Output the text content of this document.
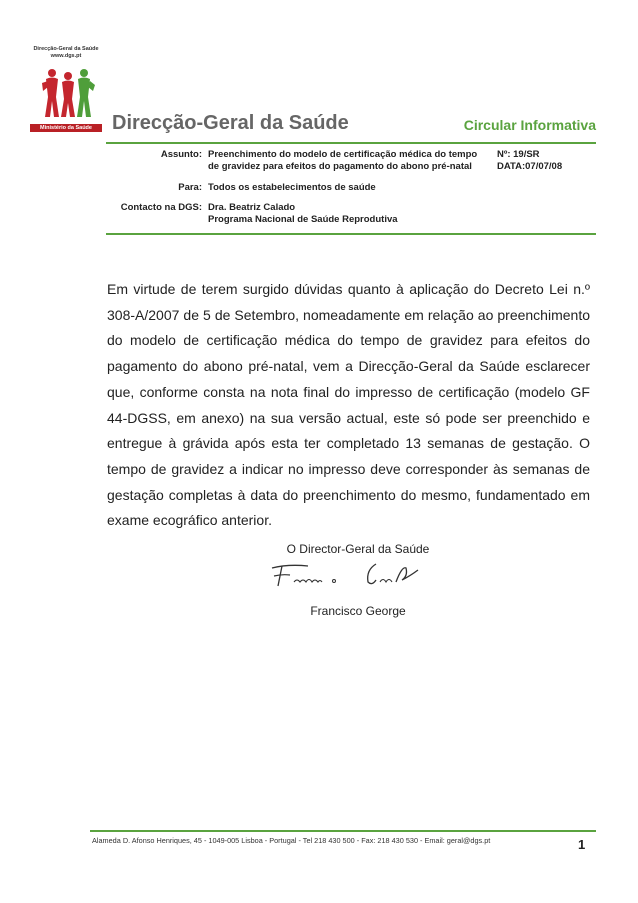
Direcção-Geral da Saúde
www.dgs.pt
Ministério da Saúde	Direcção-Geral da Saúde	Circular Informativa
Assunto: Preenchimento do modelo de certificação médica do tempo
de gravidez para efeitos do pagamento do abono pré-natal
Nº: 19/SR
DATA:07/07/08
Para: Todos os estabelecimentos de saúde
Contacto na DGS: Dra. Beatriz Calado
Programa Nacional de Saúde Reprodutiva
Em virtude de terem surgido dúvidas quanto à aplicação do Decreto Lei n.º 308-A/2007 de 5 de Setembro, nomeadamente em relação ao preenchimento do modelo de certificação médica do tempo de gravidez para efeitos do pagamento do abono pré-natal, vem a Direcção-Geral da Saúde esclarecer que, conforme consta na nota final do impresso de certificação (modelo GF 44-DGSS, em anexo) na sua versão actual, este só pode ser preenchido e entregue à grávida após esta ter completado 13 semanas de gestação. O tempo de gravidez a indicar no impresso deve corresponder às semanas de gestação completas à data do preenchimento do mesmo, fundamentado em exame ecográfico anterior.
O Director-Geral da Saúde
Francisco George
Alameda D. Afonso Henriques, 45 - 1049-005 Lisboa - Portugal - Tel 218 430 500 - Fax: 218 430 530 - Email: geral@dgs.pt	1
